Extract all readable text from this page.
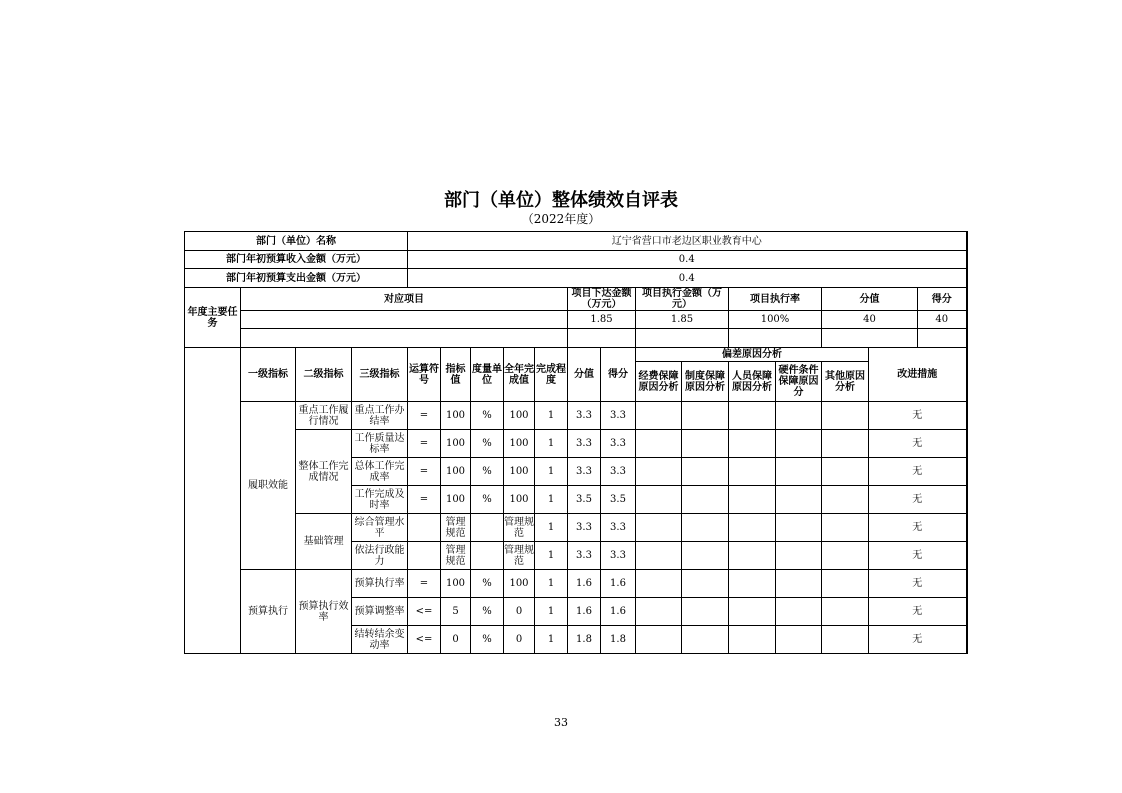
部门（单位）整体绩效自评表
（2022年度）
部门（单位）名称				辽宁省营口市老边区职业教育中心													
部门年初预算收入金额（万元）				0.4													
部门年初预算支出金额（万元）				0.4													
年度主要任务	对应项目								项目下达金额（万元）		项目执行金额（万元）		项目执行率		分值		得分
									1.85		1.85		100%		40		40

	一级指标	二级指标	三级指标	运算符号	指标值	度量单位	全年完成值	完成程度	分值	得分	偏差原因分析					改进措施	
											经费保障原因分析	制度保障原因分析	人员保障原因分析	硬件条件保障原因分	其他原因分析		
	履职效能	重点工作履行情况	重点工作办结率	=	100	%	100	1	3.3	3.3						无	
		整体工作完成情况	工作质量达标率	=	100	%	100	1	3.3	3.3						无	
			总体工作完成率	=	100	%	100	1	3.3	3.3						无	
			工作完成及时率	=	100	%	100	1	3.5	3.5						无	
		基础管理	综合管理水平		管理规范		管理规范	1	3.3	3.3						无	
			依法行政能力		管理规范		管理规范	1	3.3	3.3						无	
	预算执行	预算执行效率	预算执行率	=	100	%	100	1	1.6	1.6						无	
			预算调整率	<=	5	%	0	1	1.6	1.6						无	
			结转结余变动率	<=	0	%	0	1	1.8	1.8						无	
33
